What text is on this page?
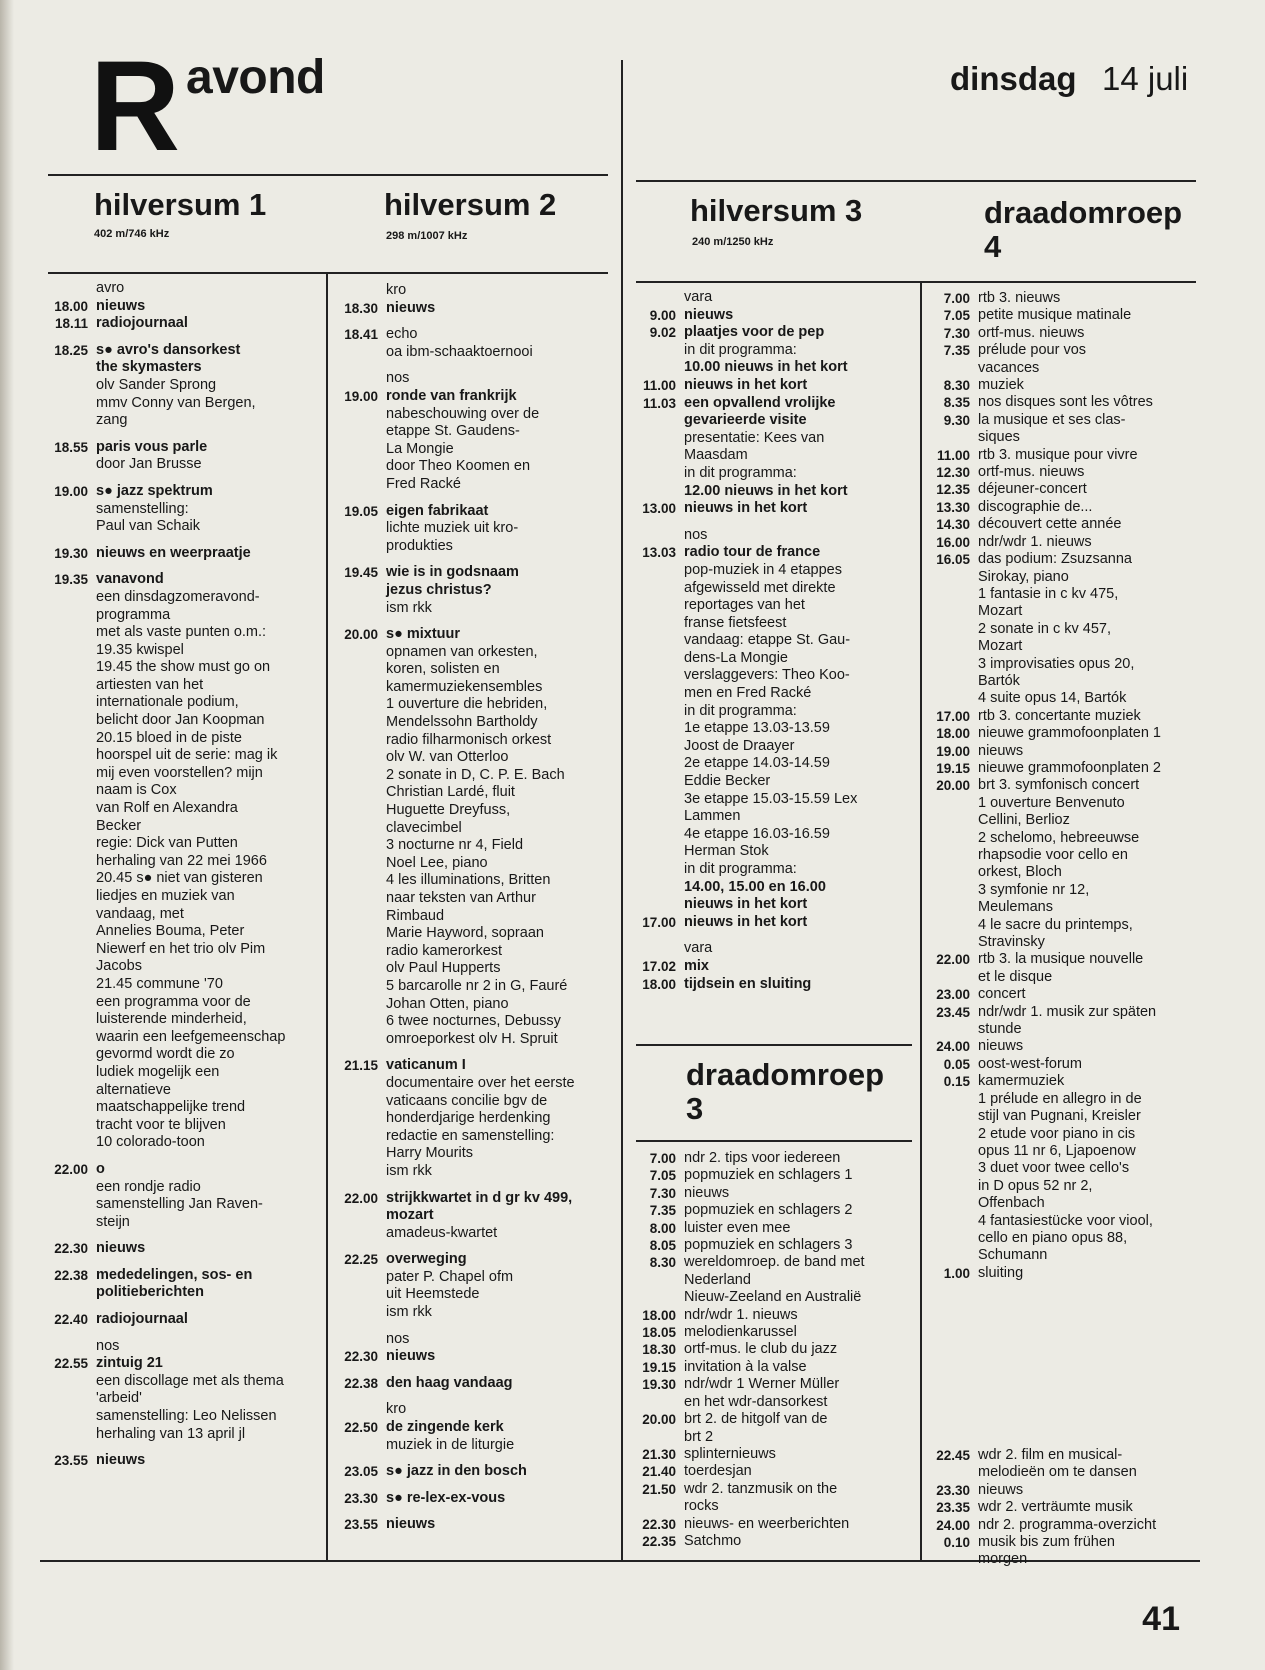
R avond	dinsdag 14 juli
hilversum 1
402 m/746 kHz
hilversum 2
298 m/1007 kHz
hilversum 3
240 m/1250 kHz
draadomroep 4
draadomroep 3
avro
18.00 nieuws
18.11 radiojournaal
18.25 s● avro's dansorkest
the skymasters
olv Sander Sprong
mmv Conny van Bergen,
zang
18.55 paris vous parle
door Jan Brusse
19.00 s● jazz spektrum
samenstelling:
Paul van Schaik
19.30 nieuws en weerpraatje
19.35 vanavond
een dinsdagzomeravond-
programma
met als vaste punten o.m.:
19.35 kwispel
19.45 the show must go on
artiesten van het
internationale podium,
belicht door Jan Koopman
20.15 bloed in de piste
hoorspel uit de serie: mag ik
mij even voorstellen? mijn
naam is Cox
van Rolf en Alexandra
Becker
regie: Dick van Putten
herhaling van 22 mei 1966
20.45 s● niet van gisteren
liedjes en muziek van
vandaag, met
Annelies Bouma, Peter
Niewerf en het trio olv Pim
Jacobs
21.45 commune '70
een programma voor de
luisterende minderheid,
waarin een leefgemeenschap
gevormd wordt die zo
ludiek mogelijk een
alternatieve
maatschappelijke trend
tracht voor te blijven
10 colorado-toon
22.00 o
een rondje radio
samenstelling Jan Raven-
steijn
22.30 nieuws
22.38 mededelingen, sos- en
politieberichten
22.40 radiojournaal
nos
22.55 zintuig 21
een discollage met als thema
'arbeid'
samenstelling: Leo Nelissen
herhaling van 13 april jl
23.55 nieuws
kro
18.30 nieuws
18.41 echo
oa ibm-schaaktoernooi
nos
19.00 ronde van frankrijk
nabeschouwing over de
etappe St. Gaudens-
La Mongie
door Theo Koomen en
Fred Racké
19.05 eigen fabrikaat
lichte muziek uit kro-
produkties
19.45 wie is in godsnaam
jezus christus?
ism rkk
20.00 s● mixtuur
opnamen van orkesten,
koren, solisten en
kamermuziekensembles
1 ouverture die hebriden,
Mendelssohn Bartholdy
radio filharmonisch orkest
olv W. van Otterloo
2 sonate in D, C. P. E. Bach
Christian Lardé, fluit
Huguette Dreyfuss,
clavecimbel
3 nocturne nr 4, Field
Noel Lee, piano
4 les illuminations, Britten
naar teksten van Arthur
Rimbaud
Marie Hayword, sopraan
radio kamerorkest
olv Paul Hupperts
5 barcarolle nr 2 in G, Fauré
Johan Otten, piano
6 twee nocturnes, Debussy
omroeporkest olv H. Spruit
21.15 vaticanum I
documentaire over het eerste
vaticaans concilie bgv de
honderdjarige herdenking
redactie en samenstelling:
Harry Mourits
ism rkk
22.00 strijkkwartet in d gr kv 499,
mozart
amadeus-kwartet
22.25 overweging
pater P. Chapel ofm
uit Heemstede
ism rkk
nos
22.30 nieuws
22.38 den haag vandaag
kro
22.50 de zingende kerk
muziek in de liturgie
23.05 s● jazz in den bosch
23.30 s● re-lex-ex-vous
23.55 nieuws
vara
9.00 nieuws
9.02 plaatjes voor de pep
in dit programma:
10.00 nieuws in het kort
11.00 nieuws in het kort
11.03 een opvallend vrolijke
gevarieerde visite
presentatie: Kees van
Maasdam
in dit programma:
12.00 nieuws in het kort
13.00 nieuws in het kort
nos
13.03 radio tour de france
pop-muziek in 4 etappes
afgewisseld met direkte
reportages van het
franse fietsfeest
vandaag: etappe St. Gau-
dens-La Mongie
verslaggevers: Theo Koo-
men en Fred Racké
in dit programma:
1e etappe 13.03-13.59
Joost de Draayer
2e etappe 14.03-14.59
Eddie Becker
3e etappe 15.03-15.59 Lex
Lammen
4e etappe 16.03-16.59
Herman Stok
in dit programma:
14.00, 15.00 en 16.00
nieuws in het kort
17.00 nieuws in het kort
vara
17.02 mix
18.00 tijdsein en sluiting
7.00 rtb 3. nieuws
7.05 petite musique matinale
7.30 ortf-mus. nieuws
7.35 prélude pour vos
vacances
8.30 muziek
8.35 nos disques sont les vôtres
9.30 la musique et ses clas-
siques
11.00 rtb 3. musique pour vivre
12.30 ortf-mus. nieuws
12.35 déjeuner-concert
13.30 discographie de...
14.30 découvert cette année
16.00 ndr/wdr 1. nieuws
16.05 das podium: Zsuzsanna
Sirokay, piano
1 fantasie in c kv 475,
Mozart
2 sonate in c kv 457,
Mozart
3 improvisaties opus 20,
Bartók
4 suite opus 14, Bartók
17.00 rtb 3. concertante muziek
18.00 nieuwe grammofoonplaten 1
19.00 nieuws
19.15 nieuwe grammofoonplaten 2
20.00 brt 3. symfonisch concert
1 ouverture Benvenuto
Cellini, Berlioz
2 schelomo, hebreeuwse
rhapsodie voor cello en
orkest, Bloch
3 symfonie nr 12,
Meulemans
4 le sacre du printemps,
Stravinsky
22.00 rtb 3. la musique nouvelle
et le disque
23.00 concert
23.45 ndr/wdr 1. musik zur späten
stunde
24.00 nieuws
0.05 oost-west-forum
0.15 kamermuziek
1 prélude en allegro in de
stijl van Pugnani, Kreisler
2 etude voor piano in cis
opus 11 nr 6, Ljapoenow
3 duet voor twee cello's
in D opus 52 nr 2,
Offenbach
4 fantasiestücke voor viool,
cello en piano opus 88,
Schumann
1.00 sluiting
7.00 ndr 2. tips voor iedereen
7.05 popmuziek en schlagers 1
7.30 nieuws
7.35 popmuziek en schlagers 2
8.00 luister even mee
8.05 popmuziek en schlagers 3
8.30 wereldomroep. de band met
Nederland
Nieuw-Zeeland en Australië
18.00 ndr/wdr 1. nieuws
18.05 melodienkarussel
18.30 ortf-mus. le club du jazz
19.15 invitation à la valse
19.30 ndr/wdr 1 Werner Müller
en het wdr-dansorkest
20.00 brt 2. de hitgolf van de
brt 2
21.30 splinternieuws
21.40 toerdesjan
21.50 wdr 2. tanzmusik on the
rocks
22.30 nieuws- en weerberichten
22.35 Satchmo
22.45 wdr 2. film en musical-
melodieën om te dansen
23.30 nieuws
23.35 wdr 2. verträumte musik
24.00 ndr 2. programma-overzicht
0.10 musik bis zum frühen
morgen
41
